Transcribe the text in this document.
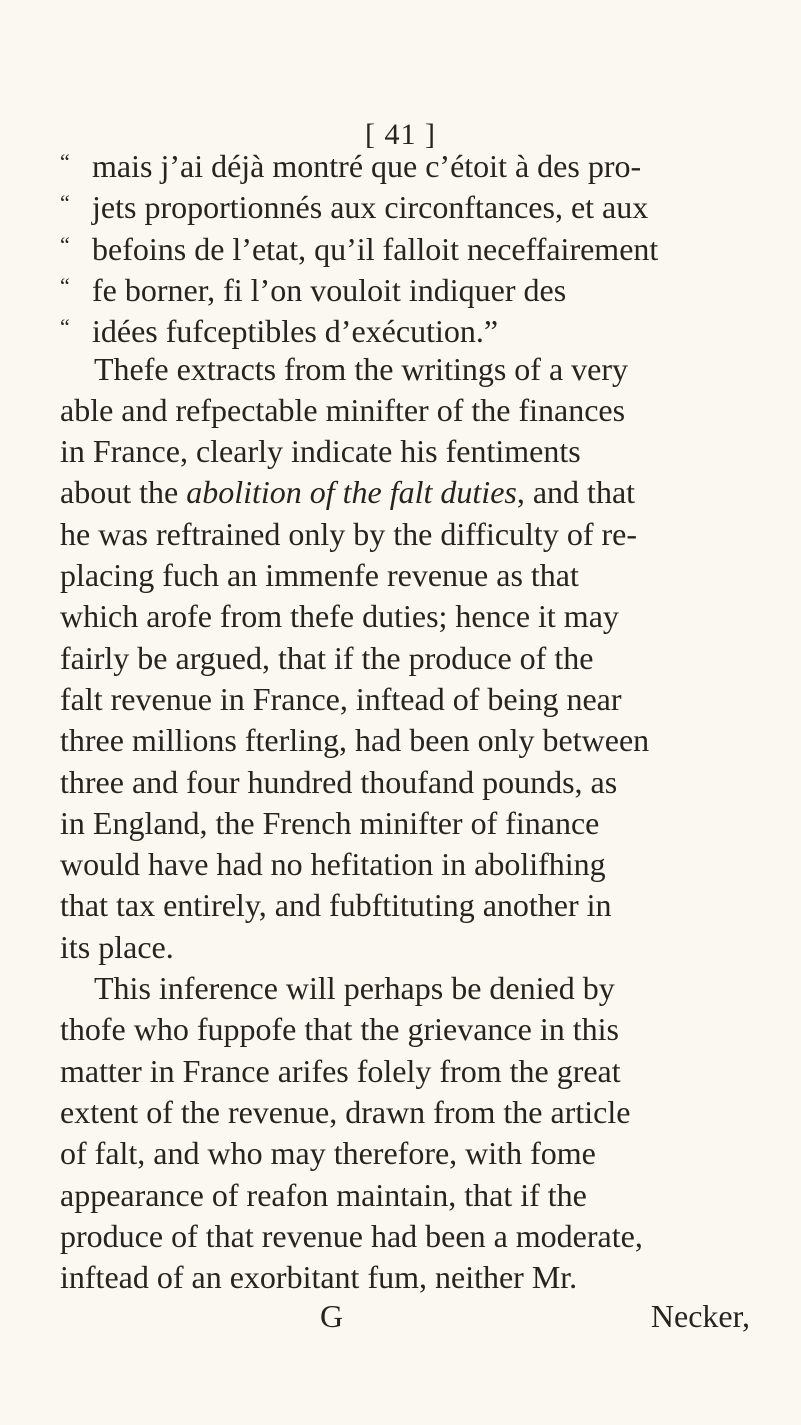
[ 41 ]
“ mais j’ai déjà montré que c’étoit à des pro-
“ jets proportionnés aux circonftances, et aux
“ befoins de l’etat, qu’il falloit neceffairement
“ fe borner, fi l’on vouloit indiquer des
“ idées fufceptibles d’exécution.”
Thefe extracts from the writings of a very
able and refpectable minifter of the finances
in France, clearly indicate his fentiments
about the abolition of the falt duties, and that
he was reftrained only by the difficulty of re-
placing fuch an immenfe revenue as that
which arofe from thefe duties; hence it may
fairly be argued, that if the produce of the
falt revenue in France, inftead of being near
three millions fterling, had been only between
three and four hundred thoufand pounds, as
in England, the French minifter of finance
would have had no hefitation in abolifhing
that tax entirely, and fubftituting another in
its place.
This inference will perhaps be denied by
thofe who fuppofe that the grievance in this
matter in France arifes folely from the great
extent of the revenue, drawn from the article
of falt, and who may therefore, with fome
appearance of reafon maintain, that if the
produce of that revenue had been a moderate,
inftead of an exorbitant fum, neither Mr.
G	Necker,
